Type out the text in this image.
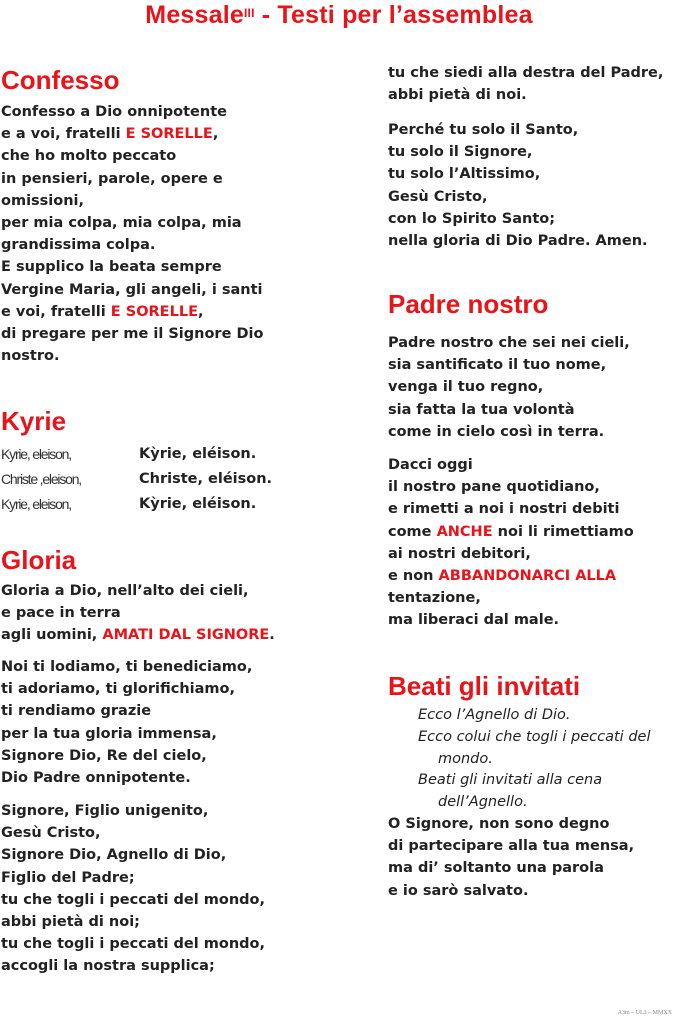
Messale$^{III}$ - Testi per l’assemblea
Confesso
Confesso a Dio onnipotente
e a voi, fratelli E SORELLE,
che ho molto peccato
in pensieri, parole, opere e
omissioni,
per mia colpa, mia colpa, mia
grandissima colpa.
E supplico la beata sempre
Vergine Maria, gli angeli, i santi
e voi, fratelli E SORELLE,
di pregare per me il Signore Dio
nostro.
Kyrie
Kyrie, eleison,	Kỳrie, eléison.
Christe ,eleison,	Christe, eléison.
Kyrie, eleison,	Kỳrie, eléison.
Gloria
Gloria a Dio, nell’alto dei cieli,
e pace in terra
agli uomini, AMATI DAL SIGNORE.
Noi ti lodiamo, ti benediciamo,
ti adoriamo, ti glorifichiamo,
ti rendiamo grazie
per la tua gloria immensa,
Signore Dio, Re del cielo,
Dio Padre onnipotente.
Signore, Figlio unigenito,
Gesù Cristo,
Signore Dio, Agnello di Dio,
Figlio del Padre;
tu che togli i peccati del mondo,
abbi pietà di noi;
tu che togli i peccati del mondo,
accogli la nostra supplica;
tu che siedi alla destra del Padre,
abbi pietà di noi.
Perché tu solo il Santo,
tu solo il Signore,
tu solo l’Altissimo,
Gesù Cristo,
con lo Spirito Santo;
nella gloria di Dio Padre. Amen.
Padre nostro
Padre nostro che sei nei cieli,
sia santificato il tuo nome,
venga il tuo regno,
sia fatta la tua volontà
come in cielo così in terra.
Dacci oggi
il nostro pane quotidiano,
e rimetti a noi i nostri debiti
come ANCHE noi li rimettiamo
ai nostri debitori,
e non ABBANDONARCI ALLA
tentazione,
ma liberaci dal male.
Beati gli invitati
Ecco l’Agnello di Dio.
Ecco colui che togli i peccati del
mondo.
Beati gli invitati alla cena
dell’Agnello.
O Signore, non sono degno
di partecipare alla tua mensa,
ma di’ soltanto una parola
e io sarò salvato.
A3m – UL3 – MMXX
